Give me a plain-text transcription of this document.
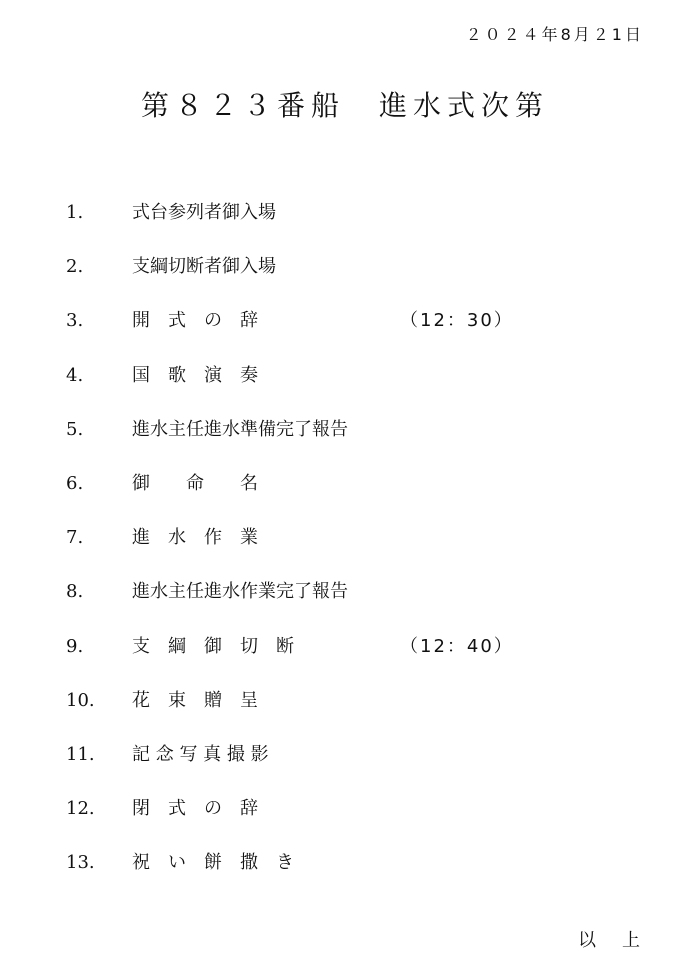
２０２４年8月２1日
第８２３番船　進水式次第
1.	式台参列者御入場
2.	支綱切断者御入場
3.	開　式　の　辞	（12：30）
4.	国　歌　演　奏
5.	進水主任進水準備完了報告
6.	御　　命　　名
7.	進　水　作　業
8.	進水主任進水作業完了報告
9.	支　綱　御　切　断	（12：40）
10. 花　束　贈　呈
11. 記 念 写 真 撮 影
12. 閉　式　の　辞
13. 祝　い　餅　撒　き
以　上
